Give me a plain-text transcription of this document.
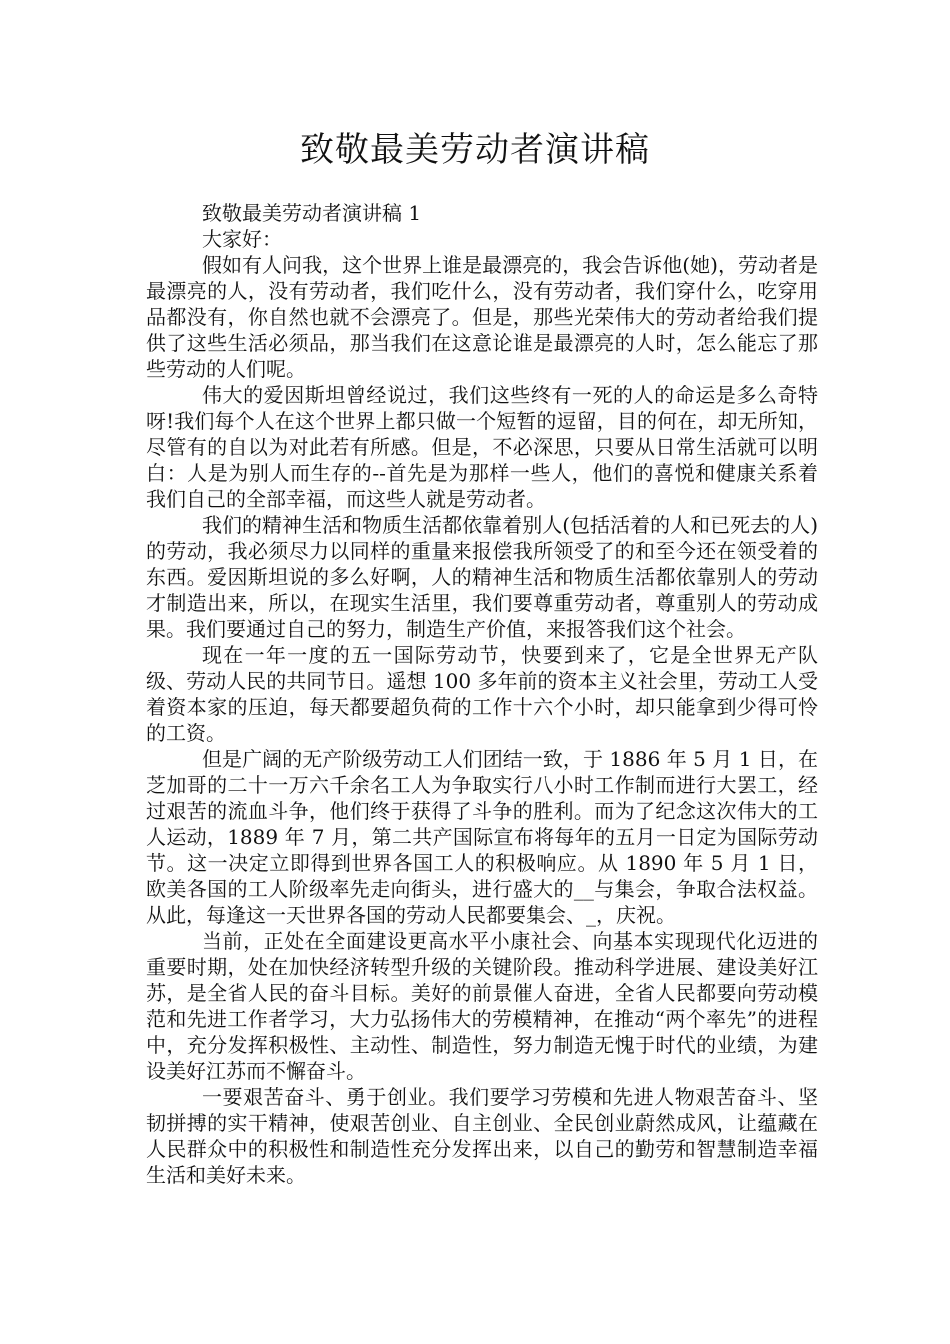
致敬最美劳动者演讲稿

致敬最美劳动者演讲稿 1

大家好：

假如有人问我，这个世界上谁是最漂亮的，我会告诉他(她)，劳动者是最漂亮的人，没有劳动者，我们吃什么，没有劳动者，我们穿什么，吃穿用品都没有，你自然也就不会漂亮了。但是，那些光荣伟大的劳动者给我们提供了这些生活必须品，那当我们在这意论谁是最漂亮的人时，怎么能忘了那些劳动的人们呢。

伟大的爱因斯坦曾经说过，我们这些终有一死的人的命运是多么奇特呀!我们每个人在这个世界上都只做一个短暂的逗留，目的何在，却无所知，尽管有的自以为对此若有所感。但是，不必深思，只要从日常生活就可以明白：人是为别人而生存的--首先是为那样一些人，他们的喜悦和健康关系着我们自己的全部幸福，而这些人就是劳动者。

我们的精神生活和物质生活都依靠着别人(包括活着的人和已死去的人)的劳动，我必须尽力以同样的重量来报偿我所领受了的和至今还在领受着的东西。爱因斯坦说的多么好啊，人的精神生活和物质生活都依靠别人的劳动才制造出来，所以，在现实生活里，我们要尊重劳动者，尊重别人的劳动成果。我们要通过自己的努力，制造生产价值，来报答我们这个社会。

现在一年一度的五一国际劳动节，快要到来了，它是全世界无产队级、劳动人民的共同节日。遥想 100 多年前的资本主义社会里，劳动工人受着资本家的压迫，每天都要超负荷的工作十六个小时，却只能拿到少得可怜的工资。

但是广阔的无产阶级劳动工人们团结一致，于 1886 年 5 月 1 日，在芝加哥的二十一万六千余名工人为争取实行八小时工作制而进行大罢工，经过艰苦的流血斗争，他们终于获得了斗争的胜利。而为了纪念这次伟大的工人运动，1889 年 7 月，第二共产国际宣布将每年的五月一日定为国际劳动节。这一决定立即得到世界各国工人的积极响应。从 1890 年 5 月 1 日，欧美各国的工人阶级率先走向街头，进行盛大的__与集会，争取合法权益。从此，每逢这一天世界各国的劳动人民都要集会、_，庆祝。

当前，正处在全面建设更高水平小康社会、向基本实现现代化迈进的重要时期，处在加快经济转型升级的关键阶段。推动科学进展、建设美好江苏，是全省人民的奋斗目标。美好的前景催人奋进，全省人民都要向劳动模范和先进工作者学习，大力弘扬伟大的劳模精神，在推动“两个率先”的进程中，充分发挥积极性、主动性、制造性，努力制造无愧于时代的业绩，为建设美好江苏而不懈奋斗。

一要艰苦奋斗、勇于创业。我们要学习劳模和先进人物艰苦奋斗、坚韧拼搏的实干精神，使艰苦创业、自主创业、全民创业蔚然成风，让蕴藏在人民群众中的积极性和制造性充分发挥出来，以自己的勤劳和智慧制造幸福生活和美好未来。
